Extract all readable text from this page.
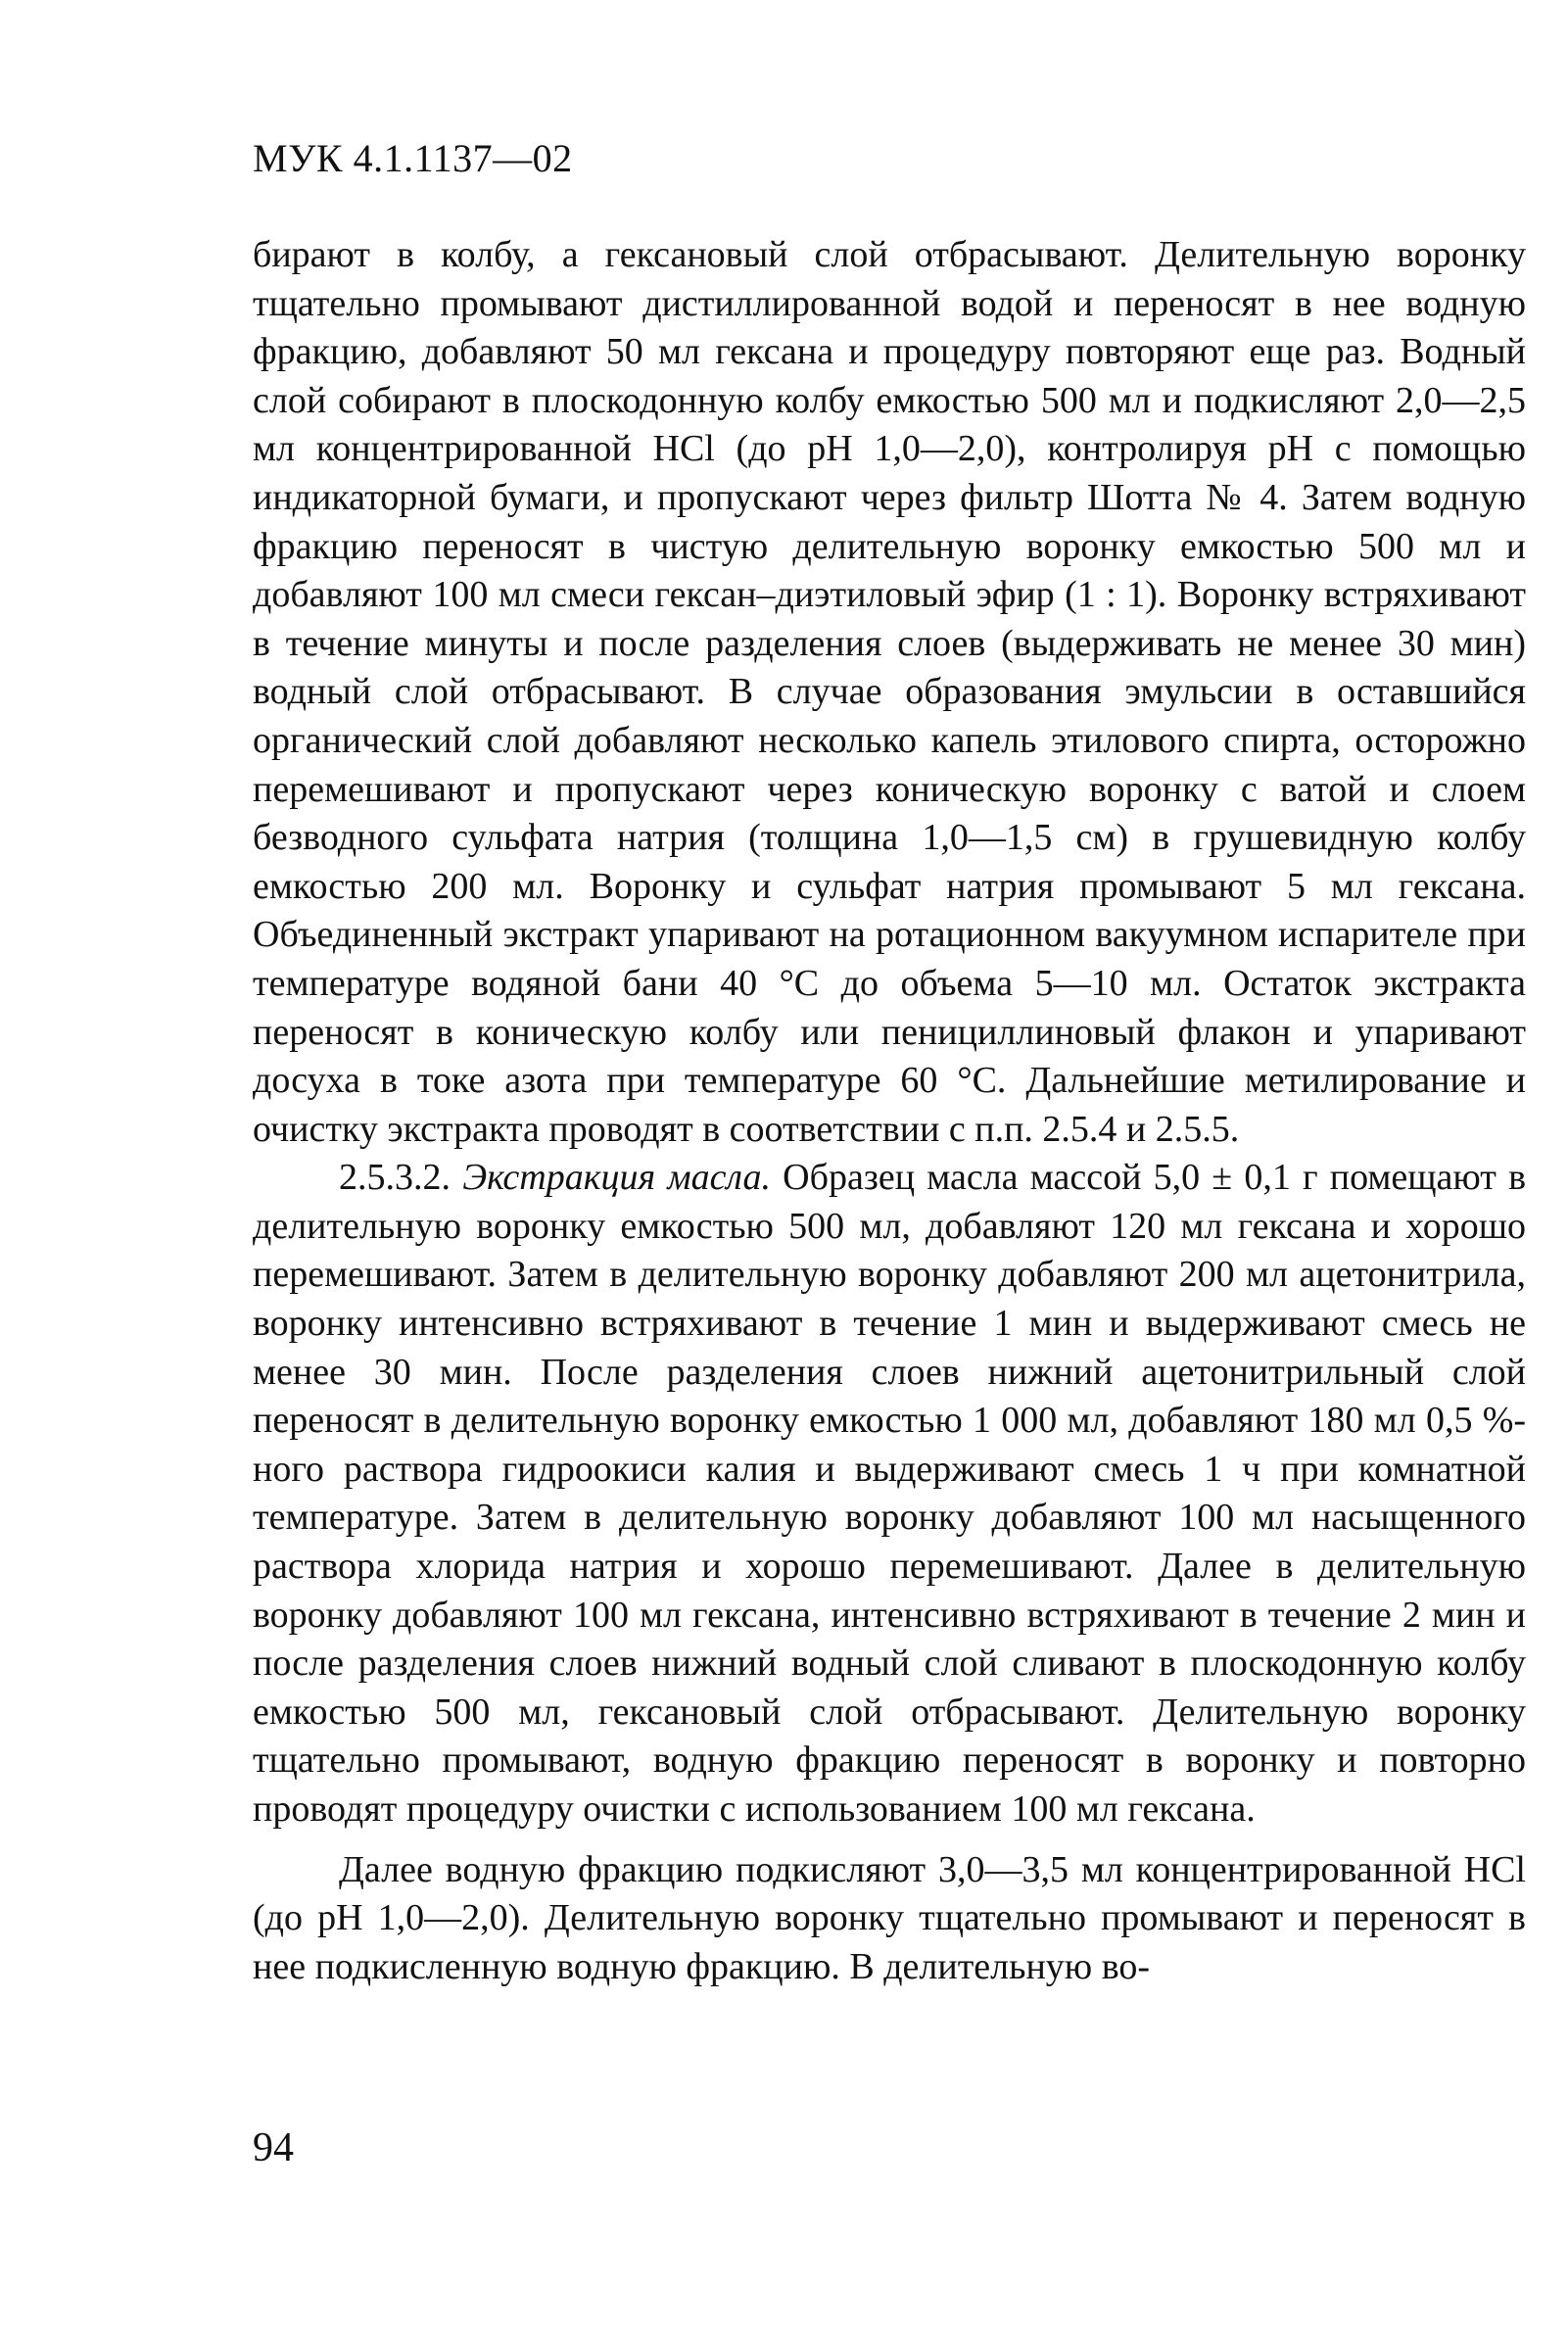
МУК 4.1.1137—02

бирают в колбу, а гексановый слой отбрасывают. Делительную воронку тщательно промывают дистиллированной водой и переносят в нее водную фракцию, добавляют 50 мл гексана и процедуру повторяют еще раз. Водный слой собирают в плоскодонную колбу емкостью 500 мл и подкисляют 2,0—2,5 мл концентрированной HCl (до pH 1,0—2,0), контролируя pH с помощью индикаторной бумаги, и пропускают через фильтр Шотта № 4. Затем водную фракцию переносят в чистую делительную воронку емкостью 500 мл и добавляют 100 мл смеси гексан–диэтиловый эфир (1 : 1). Воронку встряхивают в течение минуты и после разделения слоев (выдерживать не менее 30 мин) водный слой отбрасывают. В случае образования эмульсии в оставшийся органический слой добавляют несколько капель этилового спирта, осторожно перемешивают и пропускают через коническую воронку с ватой и слоем безводного сульфата натрия (толщина 1,0—1,5 см) в грушевидную колбу емкостью 200 мл. Воронку и сульфат натрия промывают 5 мл гексана. Объединенный экстракт упаривают на ротационном вакуумном испарителе при температуре водяной бани 40 °С до объема 5—10 мл. Остаток экстракта переносят в коническую колбу или пенициллиновый флакон и упаривают досуха в токе азота при температуре 60 °С. Дальнейшие метилирование и очистку экстракта проводят в соответствии с п.п. 2.5.4 и 2.5.5.

2.5.3.2. Экстракция масла. Образец масла массой 5,0 ± 0,1 г помещают в делительную воронку емкостью 500 мл, добавляют 120 мл гексана и хорошо перемешивают. Затем в делительную воронку добавляют 200 мл ацетонитрила, воронку интенсивно встряхивают в течение 1 мин и выдерживают смесь не менее 30 мин. После разделения слоев нижний ацетонитрильный слой переносят в делительную воронку емкостью 1 000 мл, добавляют 180 мл 0,5 %-ного раствора гидроокиси калия и выдерживают смесь 1 ч при комнатной температуре. Затем в делительную воронку добавляют 100 мл насыщенного раствора хлорида натрия и хорошо перемешивают. Далее в делительную воронку добавляют 100 мл гексана, интенсивно встряхивают в течение 2 мин и после разделения слоев нижний водный слой сливают в плоскодонную колбу емкостью 500 мл, гексановый слой отбрасывают. Делительную воронку тщательно промывают, водную фракцию переносят в воронку и повторно проводят процедуру очистки с использованием 100 мл гексана.

Далее водную фракцию подкисляют 3,0—3,5 мл концентрированной HCl (до pH 1,0—2,0). Делительную воронку тщательно промывают и переносят в нее подкисленную водную фракцию. В делительную во-

94
